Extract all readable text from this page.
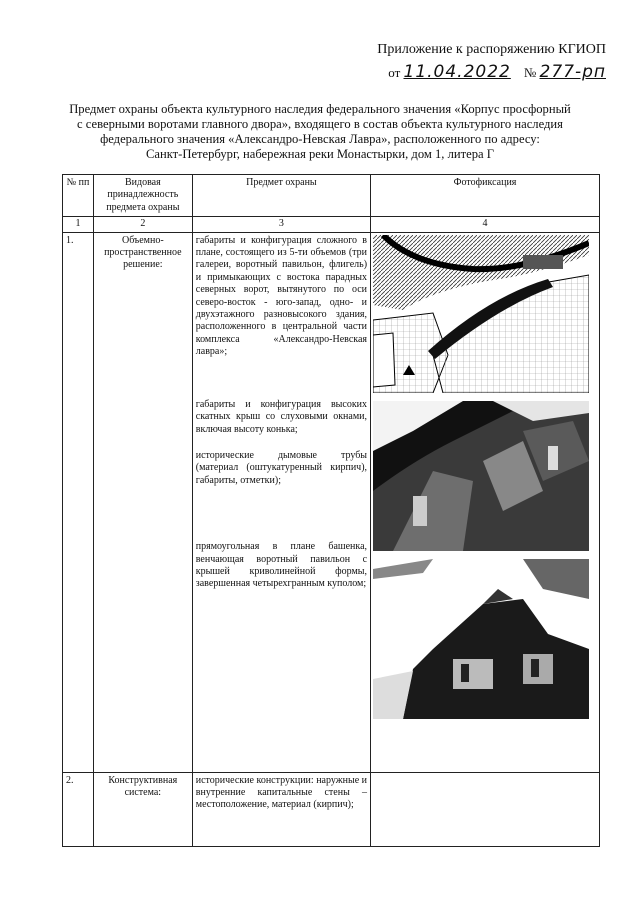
Приложение к распоряжению КГИОП
от 11.04.2022 № 277-рп
Предмет охраны объекта культурного наследия федерального значения «Корпус просфорный
с северными воротами главного двора», входящего в состав объекта культурного наследия
федерального значения «Александро-Невская Лавра», расположенного по адресу:
Санкт-Петербург, набережная реки Монастырки, дом 1, литера Г
№ пп	Видовая принадлежность предмета охраны	Предмет охраны	Фотофиксация
1	2	3	4
1.	Объемно-пространственное решение:	габариты и конфигурация сложного в плане, состоящего из 5-ти объемов (три галереи, воротный павильон, флигель) и примыкающих с востока парадных северных ворот, вытянутого по оси северо-восток - юго-запад, одно- и двухэтажного разновысокого здания, расположенного в центральной части комплекса «Александро-Невская лавра»;
габариты и конфигурация высоких скатных крыш со слуховыми окнами, включая высоту конька;
исторические дымовые трубы (материал (оштукатуренный кирпич), габариты, отметки);
прямоугольная в плане башенка, венчающая воротный павильон с крышей криволинейной формы, завершенная четырехгранным куполом;

2.	Конструктивная система:	исторические конструкции: наружные и внутренние капитальные стены – местоположение, материал (кирпич);	
